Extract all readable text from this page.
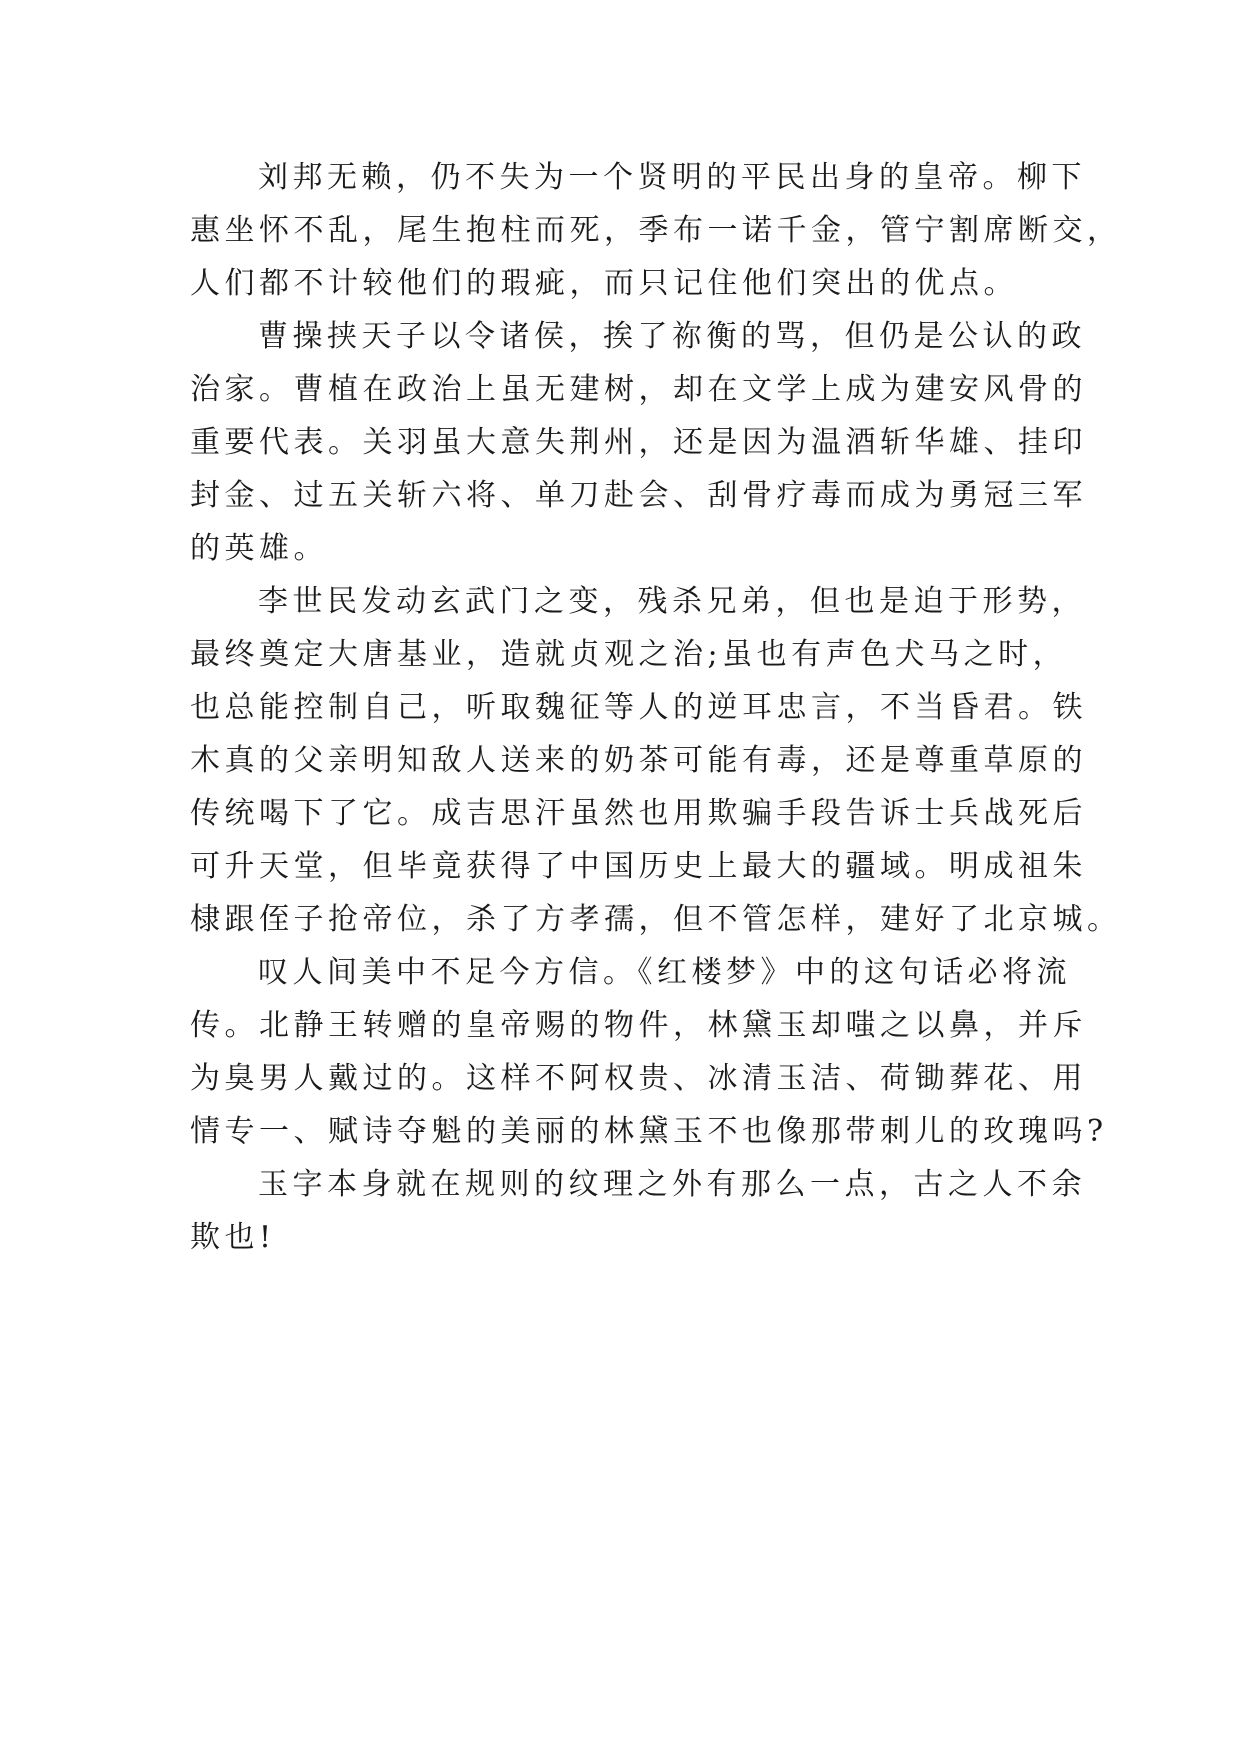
刘邦无赖，仍不失为一个贤明的平民出身的皇帝。柳下
惠坐怀不乱，尾生抱柱而死，季布一诺千金，管宁割席断交，
人们都不计较他们的瑕疵，而只记住他们突出的优点。
曹操挟天子以令诸侯，挨了祢衡的骂，但仍是公认的政
治家。曹植在政治上虽无建树，却在文学上成为建安风骨的
重要代表。关羽虽大意失荆州，还是因为温酒斩华雄、挂印
封金、过五关斩六将、单刀赴会、刮骨疗毒而成为勇冠三军
的英雄。
李世民发动玄武门之变，残杀兄弟，但也是迫于形势，
最终奠定大唐基业，造就贞观之治;虽也有声色犬马之时，
也总能控制自己，听取魏征等人的逆耳忠言，不当昏君。铁
木真的父亲明知敌人送来的奶茶可能有毒，还是尊重草原的
传统喝下了它。成吉思汗虽然也用欺骗手段告诉士兵战死后
可升天堂，但毕竟获得了中国历史上最大的疆域。明成祖朱
棣跟侄子抢帝位，杀了方孝孺，但不管怎样，建好了北京城。
叹人间美中不足今方信。《红楼梦》中的这句话必将流
传。北静王转赠的皇帝赐的物件，林黛玉却嗤之以鼻，并斥
为臭男人戴过的。这样不阿权贵、冰清玉洁、荷锄葬花、用
情专一、赋诗夺魁的美丽的林黛玉不也像那带刺儿的玫瑰吗?
玉字本身就在规则的纹理之外有那么一点，古之人不余
欺也!
